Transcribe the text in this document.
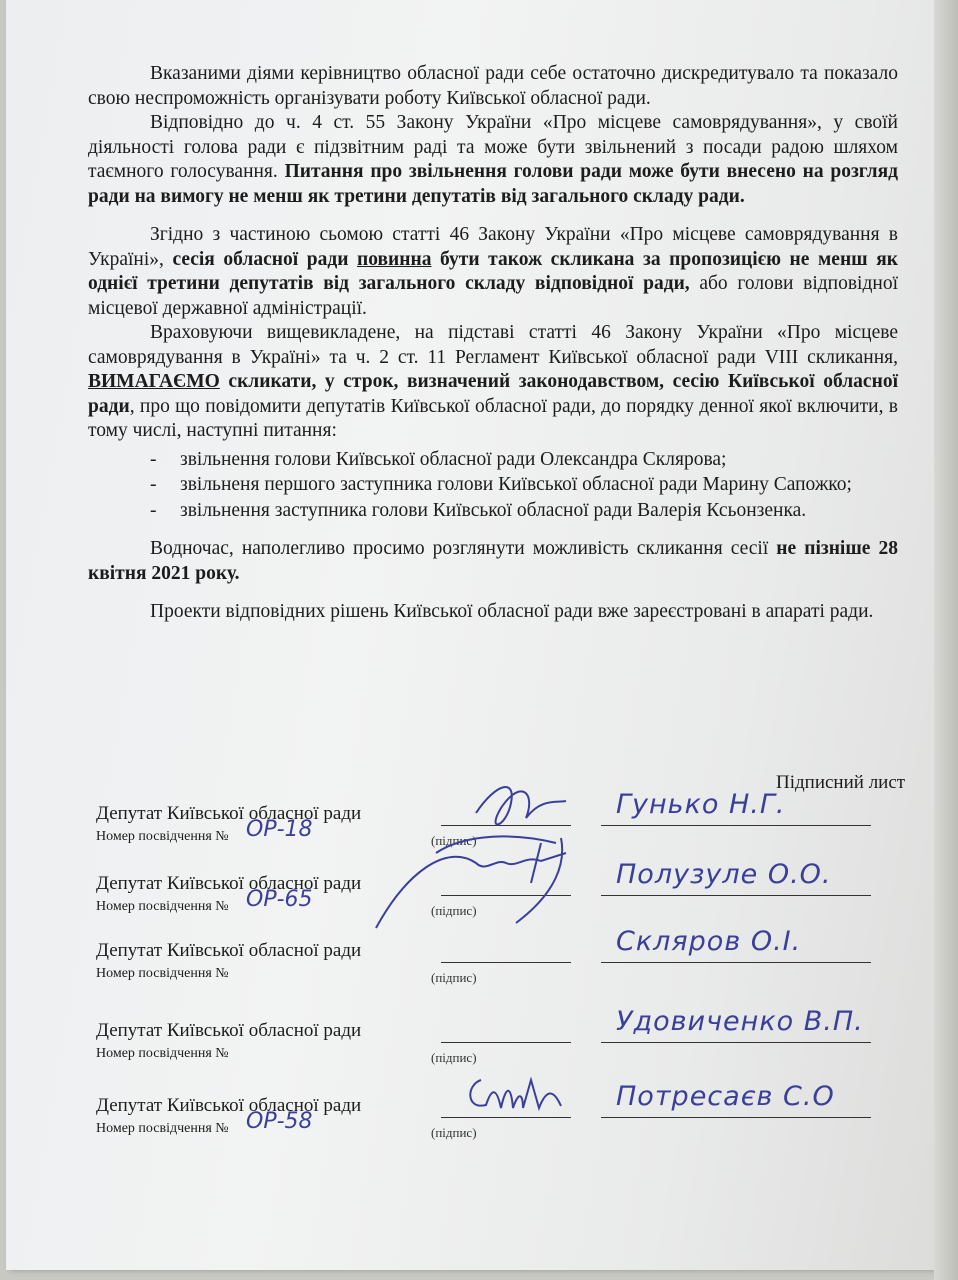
Вказаними діями керівництво обласної ради себе остаточно дискредитувало та показало свою неспроможність організувати роботу Київської обласної ради.

Відповідно до ч. 4 ст. 55 Закону України «Про місцеве самоврядування», у своїй діяльності голова ради є підзвітним раді та може бути звільнений з посади радою шляхом таємного голосування. Питання про звільнення голови ради може бути внесено на розгляд ради на вимогу не менш як третини депутатів від загального складу ради.

Згідно з частиною сьомою статті 46 Закону України «Про місцеве самоврядування в Україні», сесія обласної ради повинна бути також скликана за пропозицією не менш як однієї третини депутатів від загального складу відповідної ради, або голови відповідної місцевої державної адміністрації.

Враховуючи вищевикладене, на підставі статті 46 Закону України «Про місцеве самоврядування в Україні» та ч. 2 ст. 11 Регламент Київської обласної ради VIII скликання, ВИМАГАЄМО скликати, у строк, визначений законодавством, сесію Київської обласної ради, про що повідомити депутатів Київської обласної ради, до порядку денної якої включити, в тому числі, наступні питання:

- звільнення голови Київської обласної ради Олександра Склярова;
- звільненя першого заступника голови Київської обласної ради Марину Сапожко;
- звільнення заступника голови Київської обласної ради Валерія Ксьонзенка.

Водночас, наполегливо просимо розглянути можливість скликання сесії не пізніше 28 квітня 2021 року.

Проекти відповідних рішень Київської обласної ради вже зареєстровані в апараті ради.

Підписний лист
Депутат Київської обласної ради
Номер посвідчення № ОР-18	(підпис)
Гунько Н.Г.
Депутат Київської обласної ради
Номер посвідчення № ОР-65	(підпис)
Полузуле О.О.
Депутат Київської обласної ради
Номер посвідчення №	(підпис)
Скляров О.І.
Депутат Київської обласної ради
Номер посвідчення №	(підпис)
Удовиченко В.П.
Депутат Київської обласної ради
Номер посвідчення № ОР-58	(підпис)
Потресаєв С.О
